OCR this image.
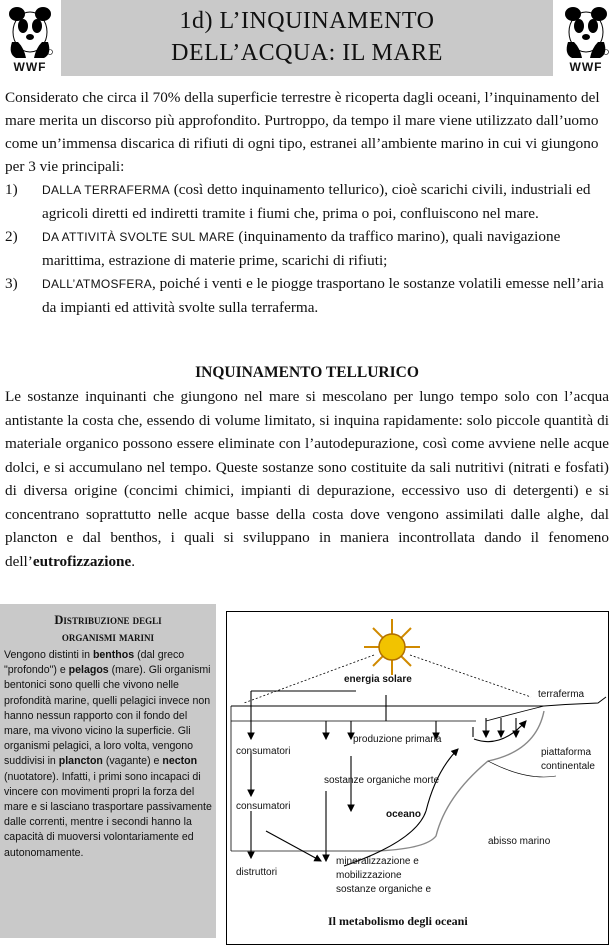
WWF
1d) L’INQUINAMENTO
DELL’ACQUA: IL MARE
WWF

Considerato che circa il 70% della superficie terrestre è ricoperta dagli oceani, l’inquinamento del mare merita un discorso più approfondito. Purtroppo, da tempo il mare viene utilizzato dall’uomo come un’immensa discarica di rifiuti di ogni tipo, estranei all’ambiente marino in cui vi giungono per 3 vie principali:

1) DALLA TERRAFERMA (così detto inquinamento tellurico), cioè scarichi civili, industriali ed agricoli diretti ed indiretti tramite i fiumi che, prima o poi, confluiscono nel mare.
2) DA ATTIVITÀ SVOLTE SUL MARE (inquinamento da traffico marino), quali navigazione marittima, estrazione di materie prime, scarichi di rifiuti;
3) DALL’ATMOSFERA, poiché i venti e le piogge trasportano le sostanze volatili emesse nell’aria da impianti ed attività svolte sulla terraferma.
INQUINAMENTO TELLURICO

Le sostanze inquinanti che giungono nel mare si mescolano per lungo tempo solo con l’acqua antistante la costa che, essendo di volume limitato, si inquina rapidamente: solo piccole quantità di materiale organico possono essere eliminate con l’autodepurazione, così come avviene nelle acque dolci, e si accumulano nel tempo. Queste sostanze sono costituite da sali nutritivi (nitrati e fosfati) di diversa origine (concimi chimici, impianti di depurazione, eccessivo uso di detergenti) e si concentrano soprattutto nelle acque basse della costa dove vengono assimilati dalle alghe, dal plancton e dal benthos, i quali si sviluppano in maniera incontrollata dando il fenomeno dell’eutrofizzazione.

Distribuzione degli
organismi marini

Vengono distinti in benthos (dal greco "profondo") e pelagos (mare). Gli organismi bentonici sono quelli che vivono nelle profondità marine, quelli pelagici invece non hanno nessun rapporto con il fondo del mare, ma vivono vicino la superficie. Gli organismi pelagici, a loro volta, vengono suddivisi in plancton (vagante) e necton (nuotatore). Infatti, i primi sono incapaci di vincere con movimenti propri la forza del mare e si lasciano trasportare passivamente dalle correnti, mentre i secondi hanno la capacità di muoversi volontariamente ed autonomamente.

energia solare
terraferma
produzione primaria
consumatori
sostanze organiche morte
piattaforma
continentale
consumatori
oceano
abisso marino
distruttori
mineralizzazione e
mobilizzazione
sostanze organiche e
Il metabolismo degli oceani
